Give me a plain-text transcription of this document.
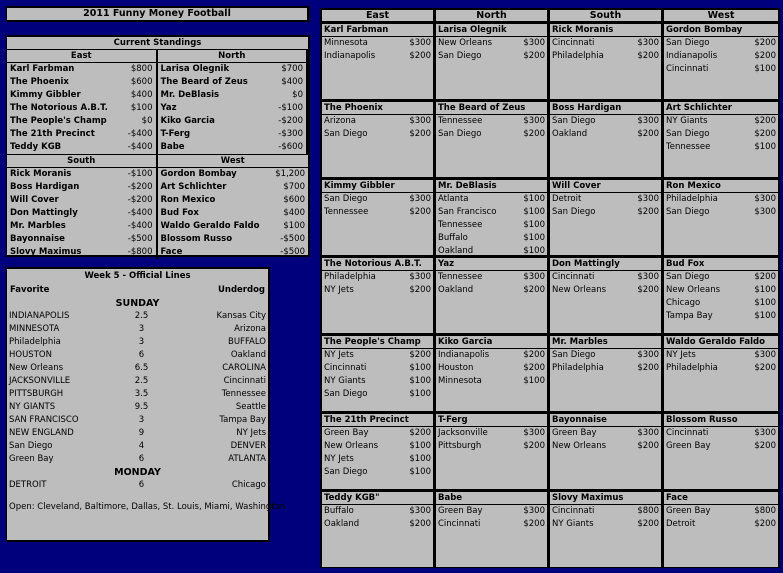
2011 Funny Money Football
Current Standings
East
Karl Farbman	$800
The Phoenix	$600
Kimmy Gibbler	$400
The Notorious A.B.T.	$100
The People's Champ	$0
The 21th Precinct	-$400
Teddy KGB	-$400
North
Larisa Olegnik	$700
The Beard of Zeus	$400
Mr. DeBlasis	$0
Yaz	-$100
Kiko Garcia	-$200
T-Ferg	-$300
Babe	-$600
South
Rick Moranis	-$100
Boss Hardigan	-$200
Will Cover	-$200
Don Mattingly	-$400
Mr. Marbles	-$400
Bayonnaise	-$500
Slovy Maximus	-$800
West
Gordon Bombay	$1,200
Art Schlichter	$700
Ron Mexico	$600
Bud Fox	$400
Waldo Geraldo Faldo	$100
Blossom Russo	-$500
Face	-$500
Week 5 - Official Lines
Favorite	Underdog
SUNDAY
INDIANAPOLIS	2.5	Kansas City
MINNESOTA	3	Arizona
Philadelphia	3	BUFFALO
HOUSTON	6	Oakland
New Orleans	6.5	CAROLINA
JACKSONVILLE	2.5	Cincinnati
PITTSBURGH	3.5	Tennessee
NY GIANTS	9.5	Seattle
SAN FRANCISCO	3	Tampa Bay
NEW ENGLAND	9	NY Jets
San Diego	4	DENVER
Green Bay	6	ATLANTA
MONDAY
DETROIT	6	Chicago
Open: Cleveland, Baltimore, Dallas, St. Louis, Miami, Washington
East	North	South	West
Karl Farbman
Minnesota	$300
Indianapolis	$200
Larisa Olegnik
New Orleans	$300
San Diego	$200
Rick Moranis
Cincinnati	$300
Philadelphia	$200
Gordon Bombay
San Diego	$200
Indianapolis	$200
Cincinnati	$100
The Phoenix
Arizona	$300
San Diego	$200
The Beard of Zeus
Tennessee	$300
San Diego	$200
Boss Hardigan
San Diego	$300
Oakland	$200
Art Schlichter
NY Giants	$200
San Diego	$200
Tennessee	$100
Kimmy Gibbler
San Diego	$300
Tennessee	$200
Mr. DeBlasis
Atlanta	$100
San Francisco	$100
Tennessee	$100
Buffalo	$100
Oakland	$100
Will Cover
Detroit	$300
San Diego	$200
Ron Mexico
Philadelphia	$300
San Diego	$300
The Notorious A.B.T.
Philadelphia	$300
NY Jets	$200
Yaz
Tennessee	$300
Oakland	$200
Don Mattingly
Cincinnati	$300
New Orleans	$200
Bud Fox
San Diego	$200
New Orleans	$100
Chicago	$100
Tampa Bay	$100
The People's Champ
NY Jets	$200
Cincinnati	$100
NY Giants	$100
San Diego	$100
Kiko Garcia
Indianapolis	$200
Houston	$200
Minnesota	$100
Mr. Marbles
San Diego	$300
Philadelphia	$200
Waldo Geraldo Faldo
NY Jets	$300
Philadelphia	$200
The 21th Precinct
Green Bay	$200
New Orleans	$100
NY Jets	$100
San Diego	$100
T-Ferg
Jacksonville	$300
Pittsburgh	$200
Bayonnaise
Green Bay	$300
New Orleans	$200
Blossom Russo
Cincinnati	$300
Green Bay	$200
Teddy KGB"
Buffalo	$300
Oakland	$200
Babe
Green Bay	$300
Cincinnati	$200
Slovy Maximus
Cincinnati	$800
NY Giants	$200
Face
Green Bay	$800
Detroit	$200
